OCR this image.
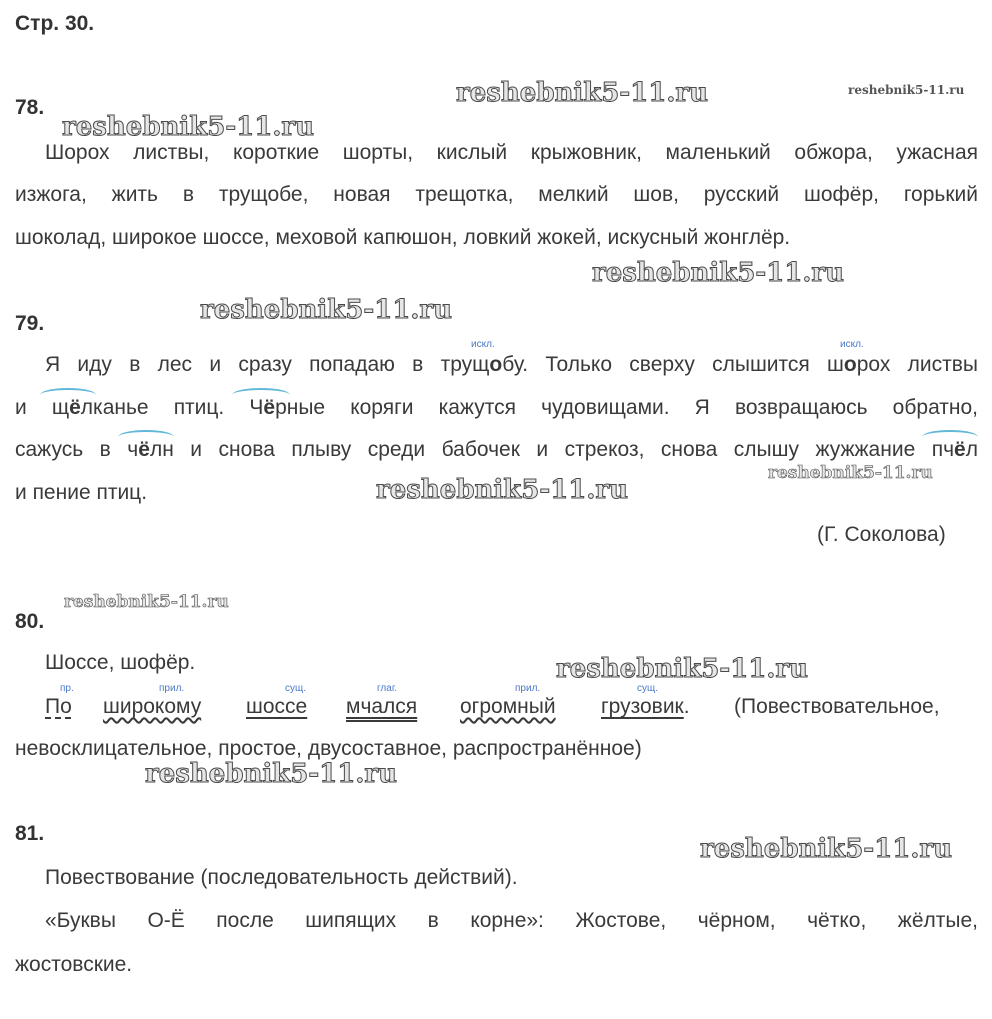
Стр. 30.
reshebnik5-11.ru	reshebnik5-11.ru
reshebnik5-11.ru
reshebnik5-11.ru
reshebnik5-11.ru
reshebnik5-11.ru
reshebnik5-11.ru
reshebnik5-11.ru
reshebnik5-11.ru
reshebnik5-11.ru
reshebnik5-11.ru
78.
Шорох листвы, короткие шорты, кислый крыжовник, маленький обжора, ужасная
изжога, жить в трущобе, новая трещотка, мелкий шов, русский шофёр, горький
шоколад, широкое шоссе, меховой капюшон, ловкий жокей, искусный жонглёр.
79.
искл.	искл.
Я иду в лес и сразу попадаю в трущобу. Только сверху слышится шорох листвы
и щёлканье птиц. Чёрные коряги кажутся чудовищами. Я возвращаюсь обратно,
сажусь в чёлн и снова плыву среди бабочек и стрекоз, снова слышу жужжание пчёл
и пение птиц.
(Г. Соколова)
80.
Шоссе, шофёр.
пр.	прил.	сущ.	глаг.	прил.	сущ.
По широкому шоссе мчался огромный грузовик. (Повествовательное,
невосклицательное, простое, двусоставное, распространённое)
81.
Повествование (последовательность действий).
«Буквы О-Ё после шипящих в корне»: Жостове, чёрном, чётко, жёлтые,
жостовские.
